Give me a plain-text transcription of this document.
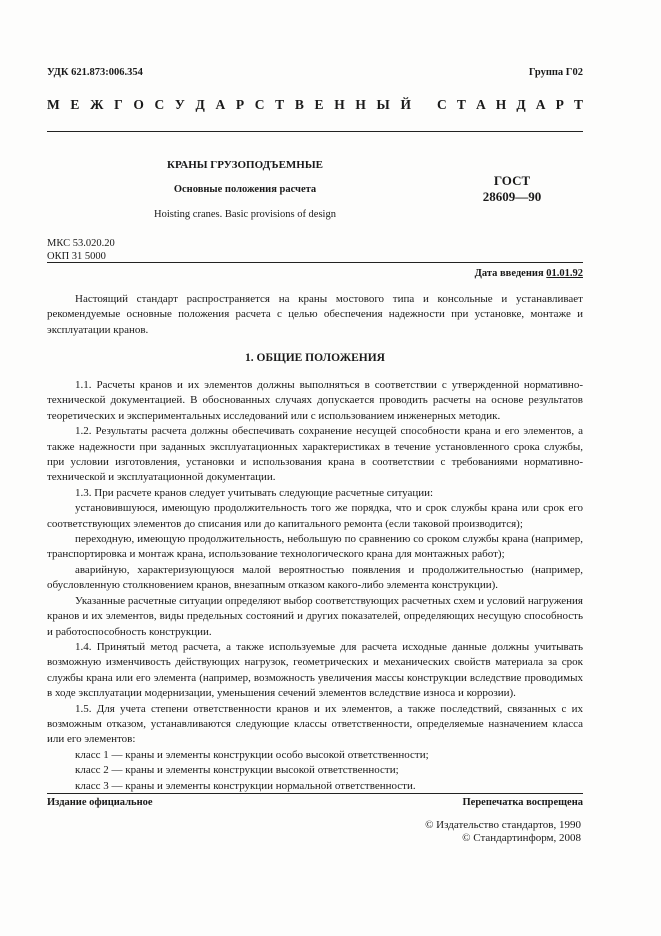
УДК 621.873:006.354	Группа Г02
М Е Ж Г О С У Д А Р С Т В Е Н Н Ы Й С Т А Н Д А Р Т
КРАНЫ ГРУЗОПОДЪЕМНЫЕ
Основные положения расчета
Hoisting cranes. Basic provisions of design
ГОСТ
28609—90
МКС 53.020.20
ОКП 31 5000
Дата введения 01.01.92
Настоящий стандарт распространяется на краны мостового типа и консольные и устанавливает рекомендуемые основные положения расчета с целью обеспечения надежности при установке, монтаже и эксплуатации кранов.
1. ОБЩИЕ ПОЛОЖЕНИЯ
1.1. Расчеты кранов и их элементов должны выполняться в соответствии с утвержденной нормативно-технической документацией. В обоснованных случаях допускается проводить расчеты на основе результатов теоретических и экспериментальных исследований или с использованием инженерных методик.
1.2. Результаты расчета должны обеспечивать сохранение несущей способности крана и его элементов, а также надежности при заданных эксплуатационных характеристиках в течение установленного срока службы, при условии изготовления, установки и использования крана в соответствии с требованиями нормативно-технической и эксплуатационной документации.
1.3. При расчете кранов следует учитывать следующие расчетные ситуации:
установившуюся, имеющую продолжительность того же порядка, что и срок службы крана или срок его соответствующих элементов до списания или до капитального ремонта (если таковой производится);
переходную, имеющую продолжительность, небольшую по сравнению со сроком службы крана (например, транспортировка и монтаж крана, использование технологического крана для монтажных работ);
аварийную, характеризующуюся малой вероятностью появления и продолжительностью (например, обусловленную столкновением кранов, внезапным отказом какого-либо элемента конструкции).
Указанные расчетные ситуации определяют выбор соответствующих расчетных схем и условий нагружения кранов и их элементов, виды предельных состояний и других показателей, определяющих несущую способность и работоспособность конструкции.
1.4. Принятый метод расчета, а также используемые для расчета исходные данные должны учитывать возможную изменчивость действующих нагрузок, геометрических и механических свойств материала за срок службы крана или его элемента (например, возможность увеличения массы конструкции вследствие проводимых в ходе эксплуатации модернизации, уменьшения сечений элементов вследствие износа и коррозии).
1.5. Для учета степени ответственности кранов и их элементов, а также последствий, связанных с их возможным отказом, устанавливаются следующие классы ответственности, определяемые назначением класса или его элементов:
класс 1 — краны и элементы конструкции особо высокой ответственности;
класс 2 — краны и элементы конструкции высокой ответственности;
класс 3 — краны и элементы конструкции нормальной ответственности.
Издание официальное	Перепечатка воспрещена
© Издательство стандартов, 1990
© Стандартинформ, 2008
